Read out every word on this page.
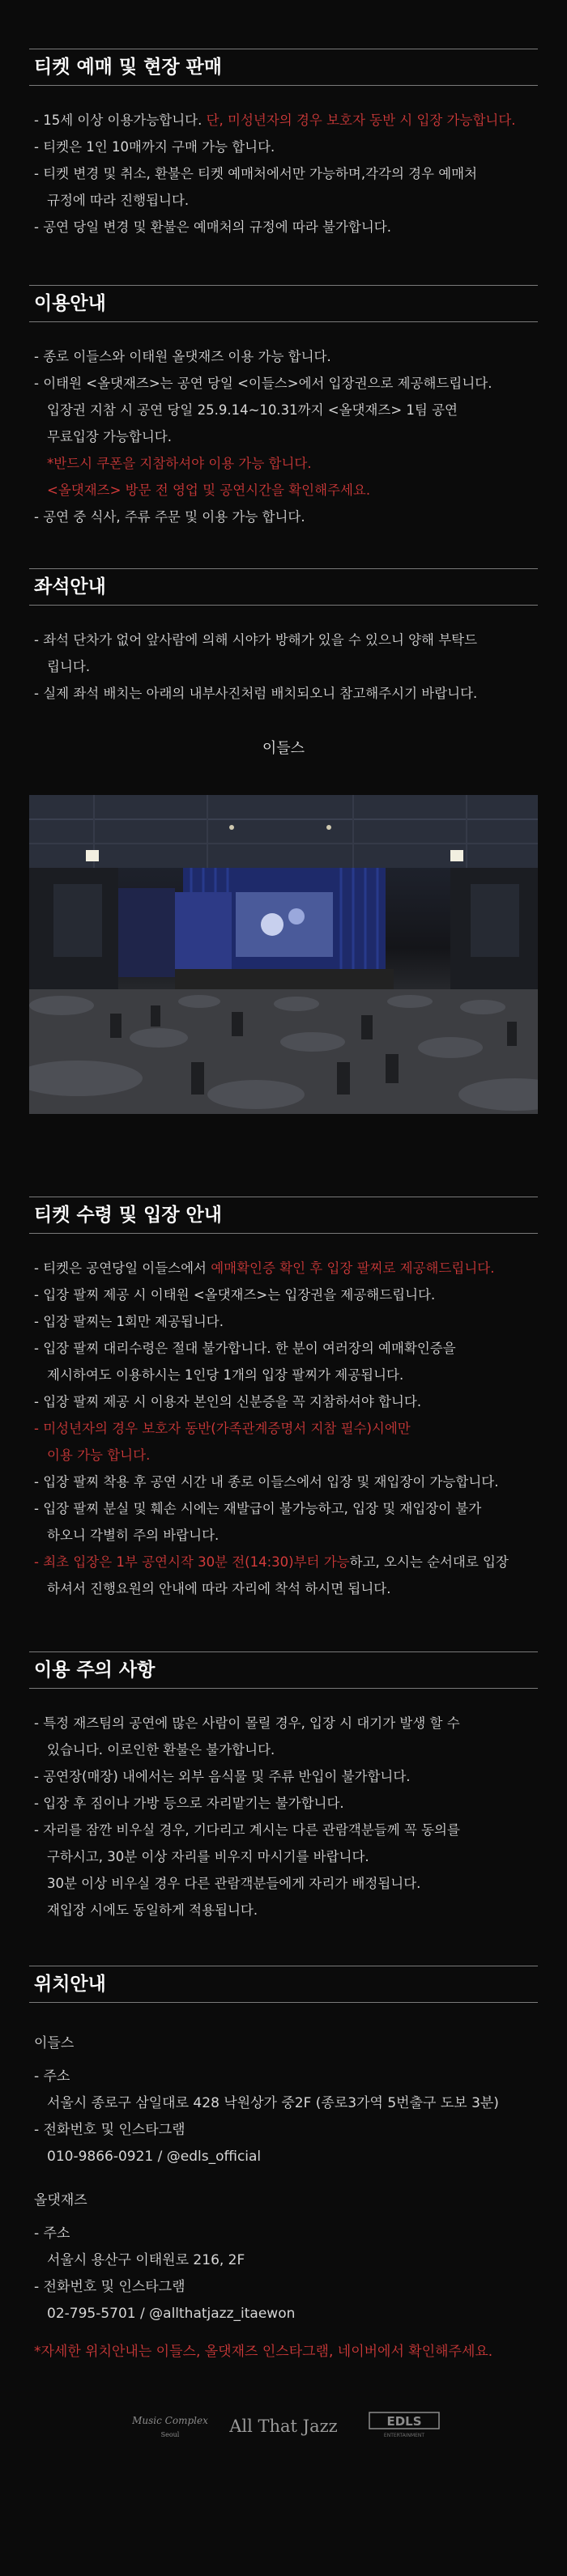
티켓 예매 및 현장 판매
- 15세 이상 이용가능합니다. 단, 미성년자의 경우 보호자 동반 시 입장 가능합니다.
- 티켓은 1인 10매까지 구매 가능 합니다.
- 티켓 변경 및 취소, 환불은 티켓 예매처에서만 가능하며,각각의 경우 예매처
규정에 따라 진행됩니다.
- 공연 당일 변경 및 환불은 예매처의 규정에 따라 불가합니다.
이용안내
- 종로 이들스와 이태원 올댓재즈 이용 가능 합니다.
- 이태원 <올댓재즈>는 공연 당일 <이들스>에서 입장권으로 제공해드립니다.
입장권 지참 시 공연 당일 25.9.14~10.31까지 <올댓재즈> 1팀 공연
무료입장 가능합니다.
*반드시 쿠폰을 지참하셔야 이용 가능 합니다.
<올댓재즈> 방문 전 영업 및 공연시간을 확인해주세요.
- 공연 중 식사, 주류 주문 및 이용 가능 합니다.
좌석안내
- 좌석 단차가 없어 앞사람에 의해 시야가 방해가 있을 수 있으니 양해 부탁드
립니다.
- 실제 좌석 배치는 아래의 내부사진처럼 배치되오니 참고해주시기 바랍니다.
이들스
티켓 수령 및 입장 안내
- 티켓은 공연당일 이들스에서 예매확인증 확인 후 입장 팔찌로 제공해드립니다.
- 입장 팔찌 제공 시 이태원 <올댓재즈>는 입장권을 제공해드립니다.
- 입장 팔찌는 1회만 제공됩니다.
- 입장 팔찌 대리수령은 절대 불가합니다. 한 분이 여러장의 예매확인증을
제시하여도 이용하시는 1인당 1개의 입장 팔찌가 제공됩니다.
- 입장 팔찌 제공 시 이용자 본인의 신분증을 꼭 지참하셔야 합니다.
- 미성년자의 경우 보호자 동반(가족관계증명서 지참 필수)시에만
이용 가능 합니다.
- 입장 팔찌 착용 후 공연 시간 내 종로 이들스에서 입장 및 재입장이 가능합니다.
- 입장 팔찌 분실 및 훼손 시에는 재발급이 불가능하고, 입장 및 재입장이 불가
하오니 각별히 주의 바랍니다.
- 최초 입장은 1부 공연시작 30분 전(14:30)부터 가능하고, 오시는 순서대로 입장
하셔서 진행요원의 안내에 따라 자리에 착석 하시면 됩니다.
이용 주의 사항
- 특정 재즈팀의 공연에 많은 사람이 몰릴 경우, 입장 시 대기가 발생 할 수
있습니다. 이로인한 환불은 불가합니다.
- 공연장(매장) 내에서는 외부 음식물 및 주류 반입이 불가합니다.
- 입장 후 짐이나 가방 등으로 자리맡기는 불가합니다.
- 자리를 잠깐 비우실 경우, 기다리고 계시는 다른 관람객분들께 꼭 동의를
구하시고, 30분 이상 자리를 비우지 마시기를 바랍니다.
30분 이상 비우실 경우 다른 관람객분들에게 자리가 배정됩니다.
재입장 시에도 동일하게 적용됩니다.
위치안내
이들스
- 주소
서울시 종로구 삼일대로 428 낙원상가 중2F (종로3가역 5번출구 도보 3분)
- 전화번호 및 인스타그램
010-9866-0921 / @edls_official
올댓재즈
- 주소
서울시 용산구 이태원로 216, 2F
- 전화번호 및 인스타그램
02-795-5701 / @allthatjazz_itaewon
*자세한 위치안내는 이들스, 올댓재즈 인스타그램, 네이버에서 확인해주세요.
Music Complex
Seoul	All That Jazz	EDLS
ENTERTAINMENT
